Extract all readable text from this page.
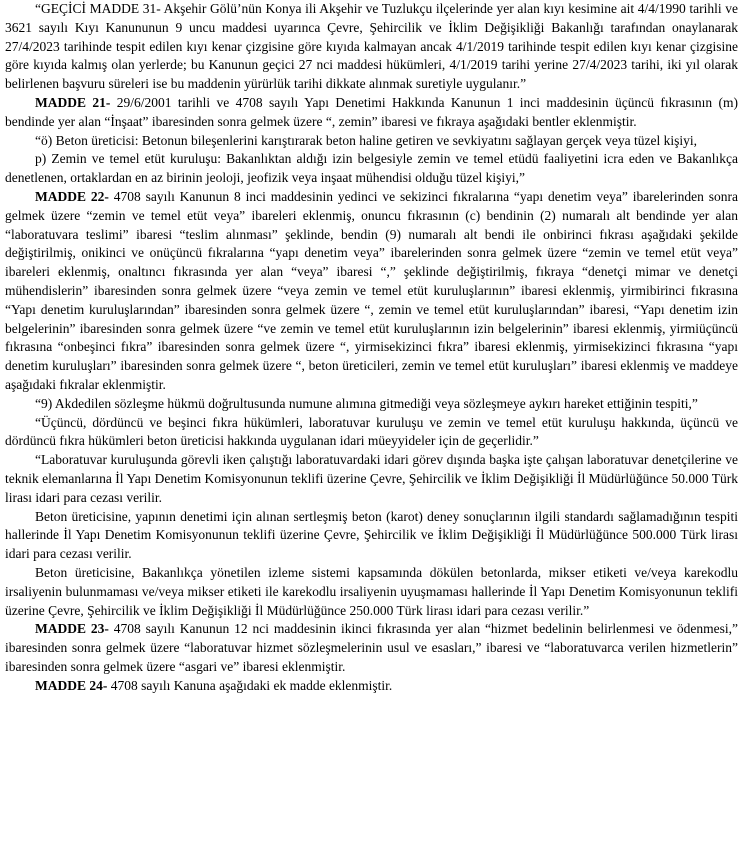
“GEÇİCİ MADDE 31- Akşehir Gölü’nün Konya ili Akşehir ve Tuzlukçu ilçelerinde yer alan kıyı kesimine ait 4/4/1990 tarihli ve 3621 sayılı Kıyı Kanununun 9 uncu maddesi uyarınca Çevre, Şehircilik ve İklim Değişikliği Bakanlığı tarafından onaylanarak 27/4/2023 tarihinde tespit edilen kıyı kenar çizgisine göre kıyıda kalmayan ancak 4/1/2019 tarihinde tespit edilen kıyı kenar çizgisine göre kıyıda kalmış olan yerlerde; bu Kanunun geçici 27 nci maddesi hükümleri, 4/1/2019 tarihi yerine 27/4/2023 tarihi, iki yıl olarak belirlenen başvuru süreleri ise bu maddenin yürürlük tarihi dikkate alınmak suretiyle uygulanır.”

MADDE 21- 29/6/2001 tarihli ve 4708 sayılı Yapı Denetimi Hakkında Kanunun 1 inci maddesinin üçüncü fıkrasının (m) bendinde yer alan “İnşaat” ibaresinden sonra gelmek üzere “, zemin” ibaresi ve fıkraya aşağıdaki bentler eklenmiştir.

“ö) Beton üreticisi: Betonun bileşenlerini karıştırarak beton haline getiren ve sevkiyatını sağlayan gerçek veya tüzel kişiyi,

p) Zemin ve temel etüt kuruluşu: Bakanlıktan aldığı izin belgesiyle zemin ve temel etüdü faaliyetini icra eden ve Bakanlıkça denetlenen, ortaklardan en az birinin jeoloji, jeofizik veya inşaat mühendisi olduğu tüzel kişiyi,”

MADDE 22- 4708 sayılı Kanunun 8 inci maddesinin yedinci ve sekizinci fıkralarına “yapı denetim veya” ibarelerinden sonra gelmek üzere “zemin ve temel etüt veya” ibareleri eklenmiş, onuncu fıkrasının (c) bendinin (2) numaralı alt bendinde yer alan “laboratuvara teslimi” ibaresi “teslim alınması” şeklinde, bendin (9) numaralı alt bendi ile onbirinci fıkrası aşağıdaki şekilde değiştirilmiş, onikinci ve onüçüncü fıkralarına “yapı denetim veya” ibarelerinden sonra gelmek üzere “zemin ve temel etüt veya” ibareleri eklenmiş, onaltıncı fıkrasında yer alan “veya” ibaresi “,” şeklinde değiştirilmiş, fıkraya “denetçi mimar ve denetçi mühendislerin” ibaresinden sonra gelmek üzere “veya zemin ve temel etüt kuruluşlarının” ibaresi eklenmiş, yirmibirinci fıkrasına “Yapı denetim kuruluşlarından” ibaresinden sonra gelmek üzere “, zemin ve temel etüt kuruluşlarından” ibaresi, “Yapı denetim izin belgelerinin” ibaresinden sonra gelmek üzere “ve zemin ve temel etüt kuruluşlarının izin belgelerinin” ibaresi eklenmiş, yirmiüçüncü fıkrasına “onbeşinci fıkra” ibaresinden sonra gelmek üzere “, yirmisekizinci fıkra” ibaresi eklenmiş, yirmisekizinci fıkrasına “yapı denetim kuruluşları” ibaresinden sonra gelmek üzere “, beton üreticileri, zemin ve temel etüt kuruluşları” ibaresi eklenmiş ve maddeye aşağıdaki fıkralar eklenmiştir.

“9) Akdedilen sözleşme hükmü doğrultusunda numune alımına gitmediği veya sözleşmeye aykırı hareket ettiğinin tespiti,”

“Üçüncü, dördüncü ve beşinci fıkra hükümleri, laboratuvar kuruluşu ve zemin ve temel etüt kuruluşu hakkında, üçüncü ve dördüncü fıkra hükümleri beton üreticisi hakkında uygulanan idari müeyyideler için de geçerlidir.”

“Laboratuvar kuruluşunda görevli iken çalıştığı laboratuvardaki idari görev dışında başka işte çalışan laboratuvar denetçilerine ve teknik elemanlarına İl Yapı Denetim Komisyonunun teklifi üzerine Çevre, Şehircilik ve İklim Değişikliği İl Müdürlüğünce 50.000 Türk lirası idari para cezası verilir.

Beton üreticisine, yapının denetimi için alınan sertleşmiş beton (karot) deney sonuçlarının ilgili standardı sağlamadığının tespiti hallerinde İl Yapı Denetim Komisyonunun teklifi üzerine Çevre, Şehircilik ve İklim Değişikliği İl Müdürlüğünce 500.000 Türk lirası idari para cezası verilir.

Beton üreticisine, Bakanlıkça yönetilen izleme sistemi kapsamında dökülen betonlarda, mikser etiketi ve/veya karekodlu irsaliyenin bulunmaması ve/veya mikser etiketi ile karekodlu irsaliyenin uyuşmaması hallerinde İl Yapı Denetim Komisyonunun teklifi üzerine Çevre, Şehircilik ve İklim Değişikliği İl Müdürlüğünce 250.000 Türk lirası idari para cezası verilir.”

MADDE 23- 4708 sayılı Kanunun 12 nci maddesinin ikinci fıkrasında yer alan “hizmet bedelinin belirlenmesi ve ödenmesi,” ibaresinden sonra gelmek üzere “laboratuvar hizmet sözleşmelerinin usul ve esasları,” ibaresi ve “laboratuvarca verilen hizmetlerin” ibaresinden sonra gelmek üzere “asgari ve” ibaresi eklenmiştir.

MADDE 24- 4708 sayılı Kanuna aşağıdaki ek madde eklenmiştir.
